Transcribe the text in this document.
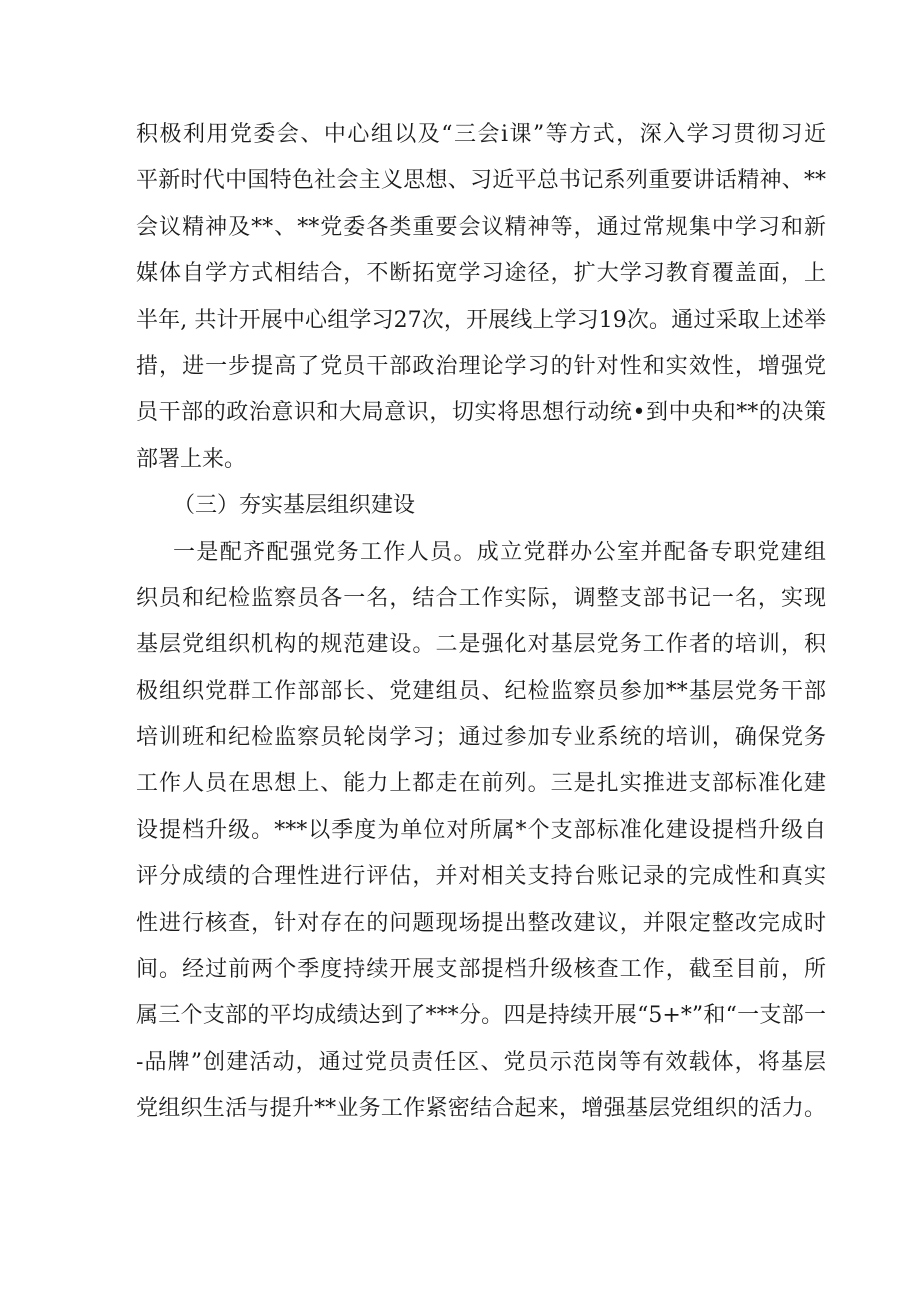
积极利用党委会、中心组以及“三会i课”等方式，深入学习贯彻习近
平新时代中国特色社会主义思想、习近平总书记系列重要讲话精神、**
会议精神及**、**党委各类重要会议精神等，通过常规集中学习和新
媒体自学方式相结合，不断拓宽学习途径，扩大学习教育覆盖面，上
半年, 共计开展中心组学习27次，开展线上学习19次。通过采取上述举
措，进一步提高了党员干部政治理论学习的针对性和实效性，增强党
员干部的政治意识和大局意识，切实将思想行动统•到中央和**的决策
部署上来。
（三）夯实基层组织建设
一是配齐配强党务工作人员。成立党群办公室并配备专职党建组
织员和纪检监察员各一名，结合工作实际，调整支部书记一名，实现
基层党组织机构的规范建设。二是强化对基层党务工作者的培训，积
极组织党群工作部部长、党建组员、纪检监察员参加**基层党务干部
培训班和纪检监察员轮岗学习；通过参加专业系统的培训，确保党务
工作人员在思想上、能力上都走在前列。三是扎实推进支部标准化建
设提档升级。***以季度为单位对所属*个支部标准化建设提档升级自
评分成绩的合理性进行评估，并对相关支持台账记录的完成性和真实
性进行核查，针对存在的问题现场提出整改建议，并限定整改完成时
间。经过前两个季度持续开展支部提档升级核查工作，截至目前，所
属三个支部的平均成绩达到了***分。四是持续开展“5+*”和“一支部一
-品牌”创建活动，通过党员责任区、党员示范岗等有效载体，将基层
党组织生活与提升**业务工作紧密结合起来，增强基层党组织的活力。
